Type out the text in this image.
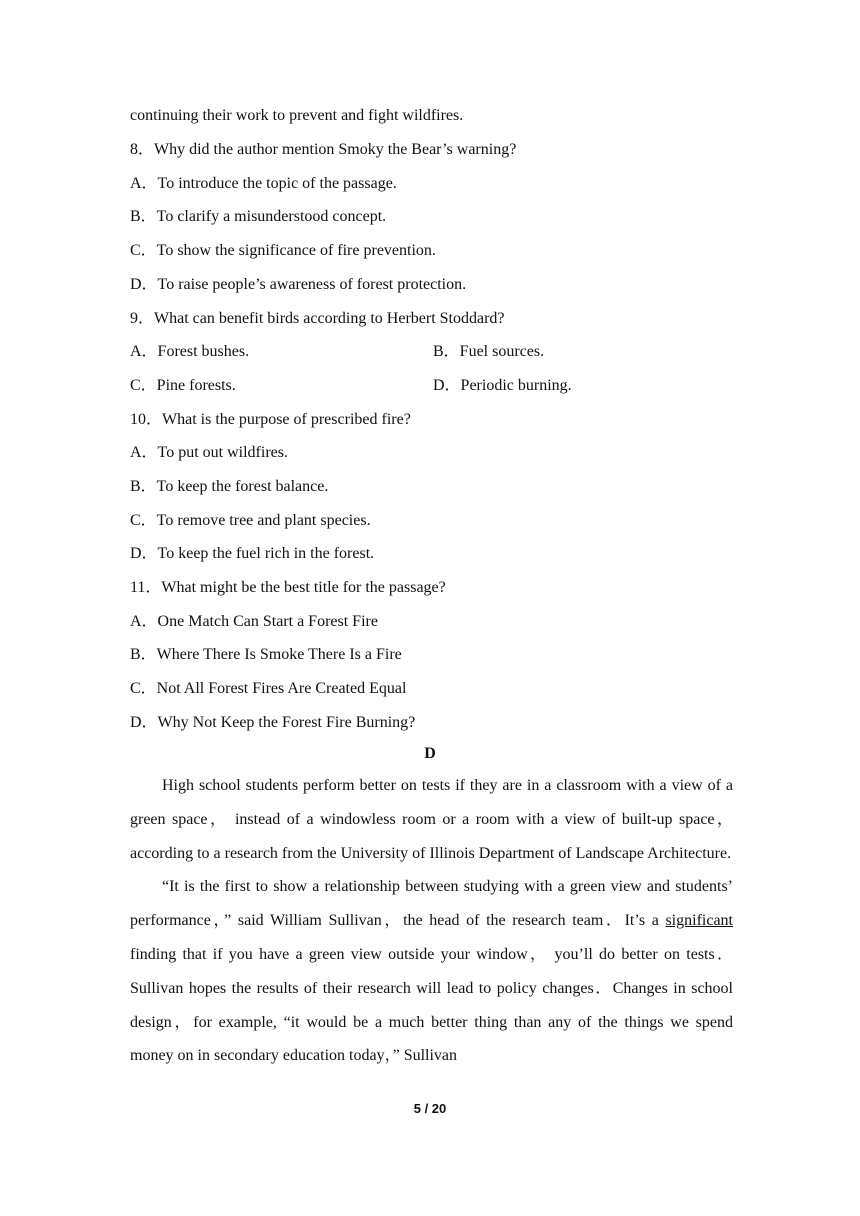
continuing their work to prevent and fight wildfires.
8．Why did the author mention Smoky the Bear’s warning?
A．To introduce the topic of the passage.
B．To clarify a misunderstood concept.
C．To show the significance of fire prevention.
D．To raise people’s awareness of forest protection.
9．What can benefit birds according to Herbert Stoddard?
A．Forest bushes.	B．Fuel sources.
C．Pine forests.	D．Periodic burning.
10．What is the purpose of prescribed fire?
A．To put out wildfires.
B．To keep the forest balance.
C．To remove tree and plant species.
D．To keep the fuel rich in the forest.
11．What might be the best title for the passage?
A．One Match Can Start a Forest Fire
B．Where There Is Smoke There Is a Fire
C．Not All Forest Fires Are Created Equal
D．Why Not Keep the Forest Fire Burning?
D

High school students perform better on tests if they are in a classroom with a view of a green space， instead of a windowless room or a room with a view of built-up space，according to a research from the University of Illinois Department of Landscape Architecture.

“It is the first to show a relationship between studying with a green view and students’ performance，” said William Sullivan，the head of the research team．It’s a significant finding that if you have a green view outside your window， you’ll do better on tests． Sullivan hopes the results of their research will lead to policy changes．Changes in school design，for example, “it would be a much better thing than any of the things we spend money on in secondary education today，” Sullivan

5 / 20
